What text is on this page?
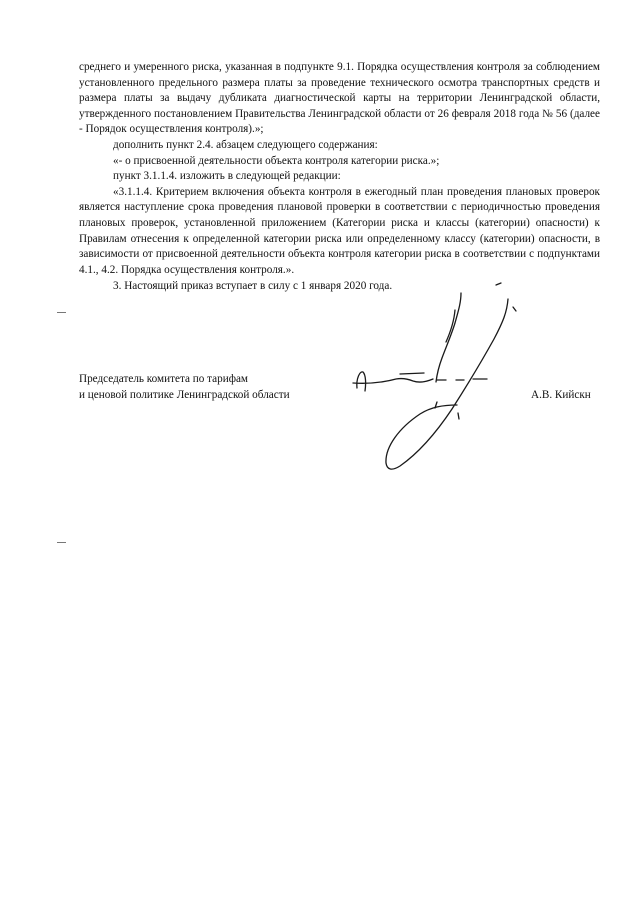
среднего и умеренного риска, указанная в подпункте 9.1. Порядка осуществления контроля за соблюдением установленного предельного размера платы за проведение технического осмотра транспортных средств и размера платы за выдачу дубликата диагностической карты на территории Ленинградской области, утвержденного постановлением Правительства Ленинградской области от 26 февраля 2018 года № 56 (далее - Порядок осуществления контроля).»;

дополнить пункт 2.4. абзацем следующего содержания:

«- о присвоенной деятельности объекта контроля категории риска.»;

пункт 3.1.1.4. изложить в следующей редакции:

«3.1.1.4. Критерием включения объекта контроля в ежегодный план проведения плановых проверок является наступление срока проведения плановой проверки в соответствии с периодичностью проведения плановых проверок, установленной приложением (Категории риска и классы (категории) опасности) к Правилам отнесения к определенной категории риска или определенному классу (категории) опасности, в зависимости от присвоенной деятельности объекта контроля категории риска в соответствии с подпунктами 4.1., 4.2. Порядка осуществления контроля.».

3. Настоящий приказ вступает в силу с 1 января 2020 года.

Председатель комитета по тарифам
и ценовой политике Ленинградской области	А.В. Кийскн
